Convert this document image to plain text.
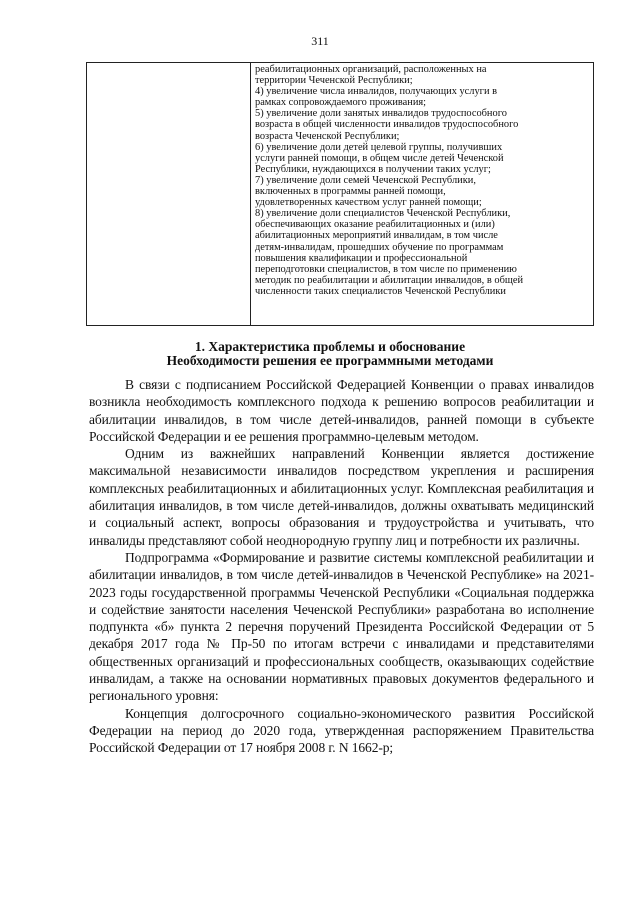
311

реабилитационных организаций, расположенных на

территории Чеченской Республики;

4) увеличение числа инвалидов, получающих услуги в

рамках сопровождаемого проживания;

5) увеличение доли занятых инвалидов трудоспособного

возраста в общей численности инвалидов трудоспособного

возраста Чеченской Республики;

6) увеличение доли детей целевой группы, получивших

услуги ранней помощи, в общем числе детей Чеченской

Республики, нуждающихся в получении таких услуг;

7) увеличение доли семей Чеченской Республики,

включенных в программы ранней помощи,

удовлетворенных качеством услуг ранней помощи;

8) увеличение доли специалистов Чеченской Республики,

обеспечивающих оказание реабилитационных и (или)

абилитационных мероприятий инвалидам, в том числе

детям-инвалидам, прошедших обучение по программам

повышения квалификации и профессиональной

переподготовки специалистов, в том числе по применению

методик по реабилитации и абилитации инвалидов, в общей

численности таких специалистов Чеченской Республики

1. Характеристика проблемы и обоснование
Необходимости решения ее программными методами

В связи с подписанием Российской Федерацией Конвенции о правах инвалидов возникла необходимость комплексного подхода к решению вопросов реабилитации и абилитации инвалидов, в том числе детей-инвалидов, ранней помощи в субъекте Российской Федерации и ее решения программно-целевым методом.

Одним из важнейших направлений Конвенции является достижение максимальной независимости инвалидов посредством укрепления и расширения комплексных реабилитационных и абилитационных услуг. Комплексная реабилитация и абилитация инвалидов, в том числе детей-инвалидов, должны охватывать медицинский и социальный аспект, вопросы образования и трудоустройства и учитывать, что инвалиды представляют собой неоднородную группу лиц и потребности их различны.

Подпрограмма «Формирование и развитие системы комплексной реабилитации и абилитации инвалидов, в том числе детей-инвалидов в Чеченской Республике» на 2021-2023 годы государственной программы Чеченской Республики «Социальная поддержка и содействие занятости населения Чеченской Республики» разработана во исполнение подпункта «б» пункта 2 перечня поручений Президента Российской Федерации от 5 декабря 2017 года № Пр-50 по итогам встречи с инвалидами и представителями общественных организаций и профессиональных сообществ, оказывающих содействие инвалидам, а также на основании нормативных правовых документов федерального и регионального уровня:

Концепция долгосрочного социально-экономического развития Российской Федерации на период до 2020 года, утвержденная распоряжением Правительства Российской Федерации от 17 ноября 2008 г. N 1662-р;
